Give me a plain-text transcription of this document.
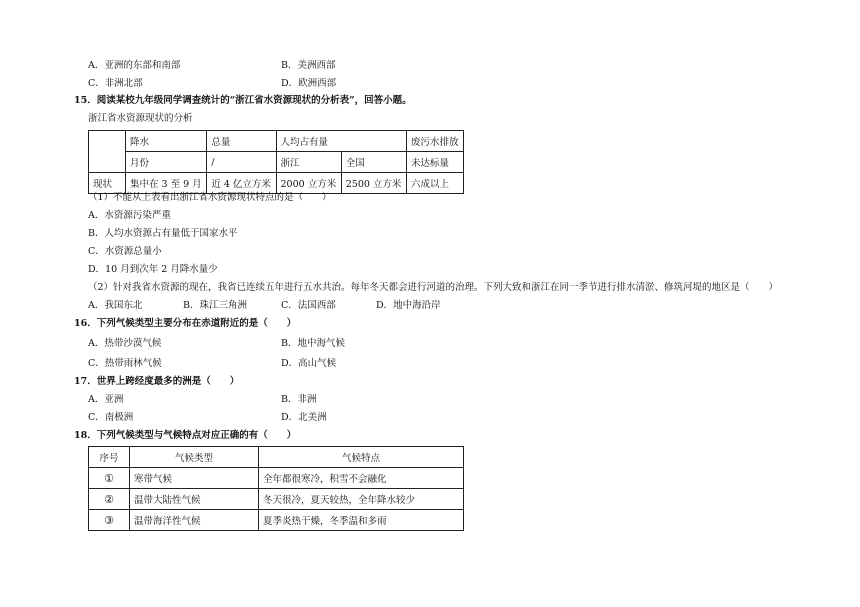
A．亚洲的东部和南部	B．美洲西部
C．非洲北部	D．欧洲西部
15．阅读某校九年级同学调查统计的“浙江省水资源现状的分析表”，回答小题。
浙江省水资源现状的分析
	降水	总量	人均占有量		废污水排放
	月份	/	浙江	全国	未达标量
现状	集中在 3 至 9 月	近 4 亿立方米	2000 立方米	2500 立方米	六成以上
（1）不能从上表看出浙江省水资源现状特点的是（　　）
A．水资源污染严重
B．人均水资源占有量低于国家水平
C．水资源总量小
D．10 月到次年 2 月降水量少
（2）针对我省水资源的现在，我省已连续五年进行五水共治。每年冬天都会进行河道的治理。下列大致和浙江在同一季节进行排水清淤、修筑河堤的地区是（　　）
A．我国东北	B．珠江三角洲	C．法国西部	D．地中海沿岸
16．下列气候类型主要分布在赤道附近的是（　　）
A．热带沙漠气候	B．地中海气候
C．热带雨林气候	D．高山气候
17．世界上跨经度最多的洲是（　　）
A．亚洲	B．非洲
C．南极洲	D．北美洲
18．下列气候类型与气候特点对应正确的有（　　）
序号	气候类型	气候特点
①	寒带气候	全年都很寒冷，积雪不会融化
②	温带大陆性气候	冬天很冷，夏天较热，全年降水较少
③	温带海洋性气候	夏季炎热干燥，冬季温和多雨
